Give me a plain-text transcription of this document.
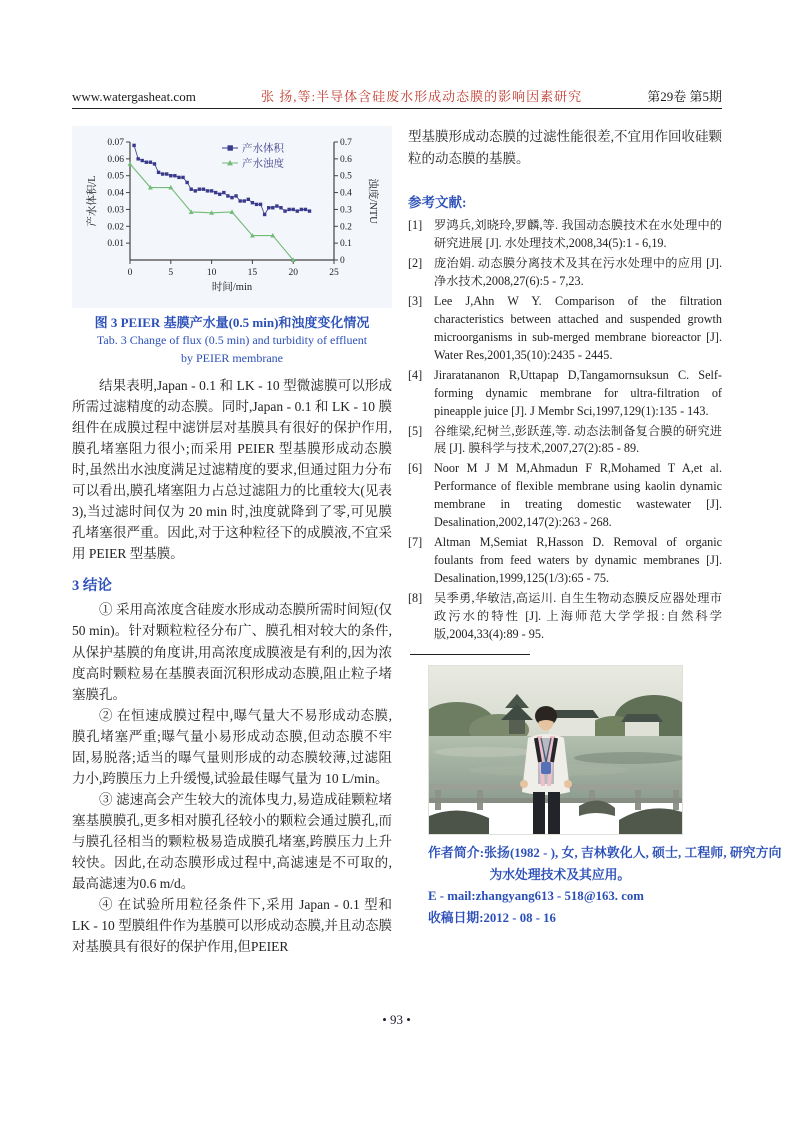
www.watergasheat.com	张 扬,等:半导体含硅废水形成动态膜的影响因素研究	第29卷 第5期
0.01
0.02
0.03
0.04
0.05
0.06
0.07
0
0.1
0.2
0.3
0.4
0.5
0.6
0.7
0	5	10	15	20	25
产水体积/L	浊度/NTU
时间/min
产水体积
产水浊度
图 3 PEIER 基膜产水量(0.5 min)和浊度变化情况
Tab. 3 Change of flux (0.5 min) and turbidity of effluent
by PEIER membrane

结果表明,Japan - 0.1 和 LK - 10 型微滤膜可以形成所需过滤精度的动态膜。同时,Japan - 0.1 和 LK - 10 膜组件在成膜过程中滤饼层对基膜具有很好的保护作用,膜孔堵塞阻力很小;而采用 PEIER 型基膜形成动态膜时,虽然出水浊度满足过滤精度的要求,但通过阻力分布可以看出,膜孔堵塞阻力占总过滤阻力的比重较大(见表 3),当过滤时间仅为 20 min 时,浊度就降到了零,可见膜孔堵塞很严重。因此,对于这种粒径下的成膜液,不宜采用 PEIER 型基膜。

3 结论

① 采用高浓度含硅废水形成动态膜所需时间短(仅 50 min)。针对颗粒粒径分布广、膜孔相对较大的条件,从保护基膜的角度讲,用高浓度成膜液是有利的,因为浓度高时颗粒易在基膜表面沉积形成动态膜,阻止粒子堵塞膜孔。

② 在恒速成膜过程中,曝气量大不易形成动态膜,膜孔堵塞严重;曝气量小易形成动态膜,但动态膜不牢固,易脱落;适当的曝气量则形成的动态膜较薄,过滤阻力小,跨膜压力上升缓慢,试验最佳曝气量为 10 L/min。

③ 滤速高会产生较大的流体曳力,易造成硅颗粒堵塞基膜膜孔,更多相对膜孔径较小的颗粒会通过膜孔,而与膜孔径相当的颗粒极易造成膜孔堵塞,跨膜压力上升较快。因此,在动态膜形成过程中,高滤速是不可取的,最高滤速为0.6 m/d。

④ 在试验所用粒径条件下,采用 Japan - 0.1 型和 LK - 10 型膜组件作为基膜可以形成动态膜,并且动态膜对基膜具有很好的保护作用,但PEIER

型基膜形成动态膜的过滤性能很差,不宜用作回收硅颗粒的动态膜的基膜。

参考文献:
[1] 罗鸿兵,刘晓玲,罗麟,等. 我国动态膜技术在水处理中的研究进展 [J]. 水处理技术,2008,34(5):1 - 6,19.
[2] 庞治娟. 动态膜分离技术及其在污水处理中的应用 [J]. 净水技术,2008,27(6):5 - 7,23.
[3] Lee J,Ahn W Y. Comparison of the filtration characteristics between attached and suspended growth microorganisms in sub-merged membrane bioreactor [J]. Water Res,2001,35(10):2435 - 2445.
[4] Jiraratananon R,Uttapap D,Tangamornsuksun C. Self-forming dynamic membrane for ultra-filtration of pineapple juice [J]. J Membr Sci,1997,129(1):135 - 143.
[5] 谷维梁,纪树兰,彭跃莲,等. 动态法制备复合膜的研究进展 [J]. 膜科学与技术,2007,27(2):85 - 89.
[6] Noor M J M M,Ahmadun F R,Mohamed T A,et al. Performance of flexible membrane using kaolin dynamic membrane in treating domestic wastewater [J]. Desalination,2002,147(2):263 - 268.
[7] Altman M,Semiat R,Hasson D. Removal of organic foulants from feed waters by dynamic membranes [J]. Desalination,1999,125(1/3):65 - 75.
[8] 吴季勇,华敏洁,高运川. 自生生物动态膜反应器处理市政污水的特性 [J]. 上海师范大学学报:自然科学版,2004,33(4):89 - 95.
作者简介:张扬(1982 - ), 女, 吉林敦化人, 硕士, 工程师, 研究方向为水处理技术及其应用。
E - mail:zhangyang613 - 518@163. com
收稿日期:2012 - 08 - 16
• 93 •
